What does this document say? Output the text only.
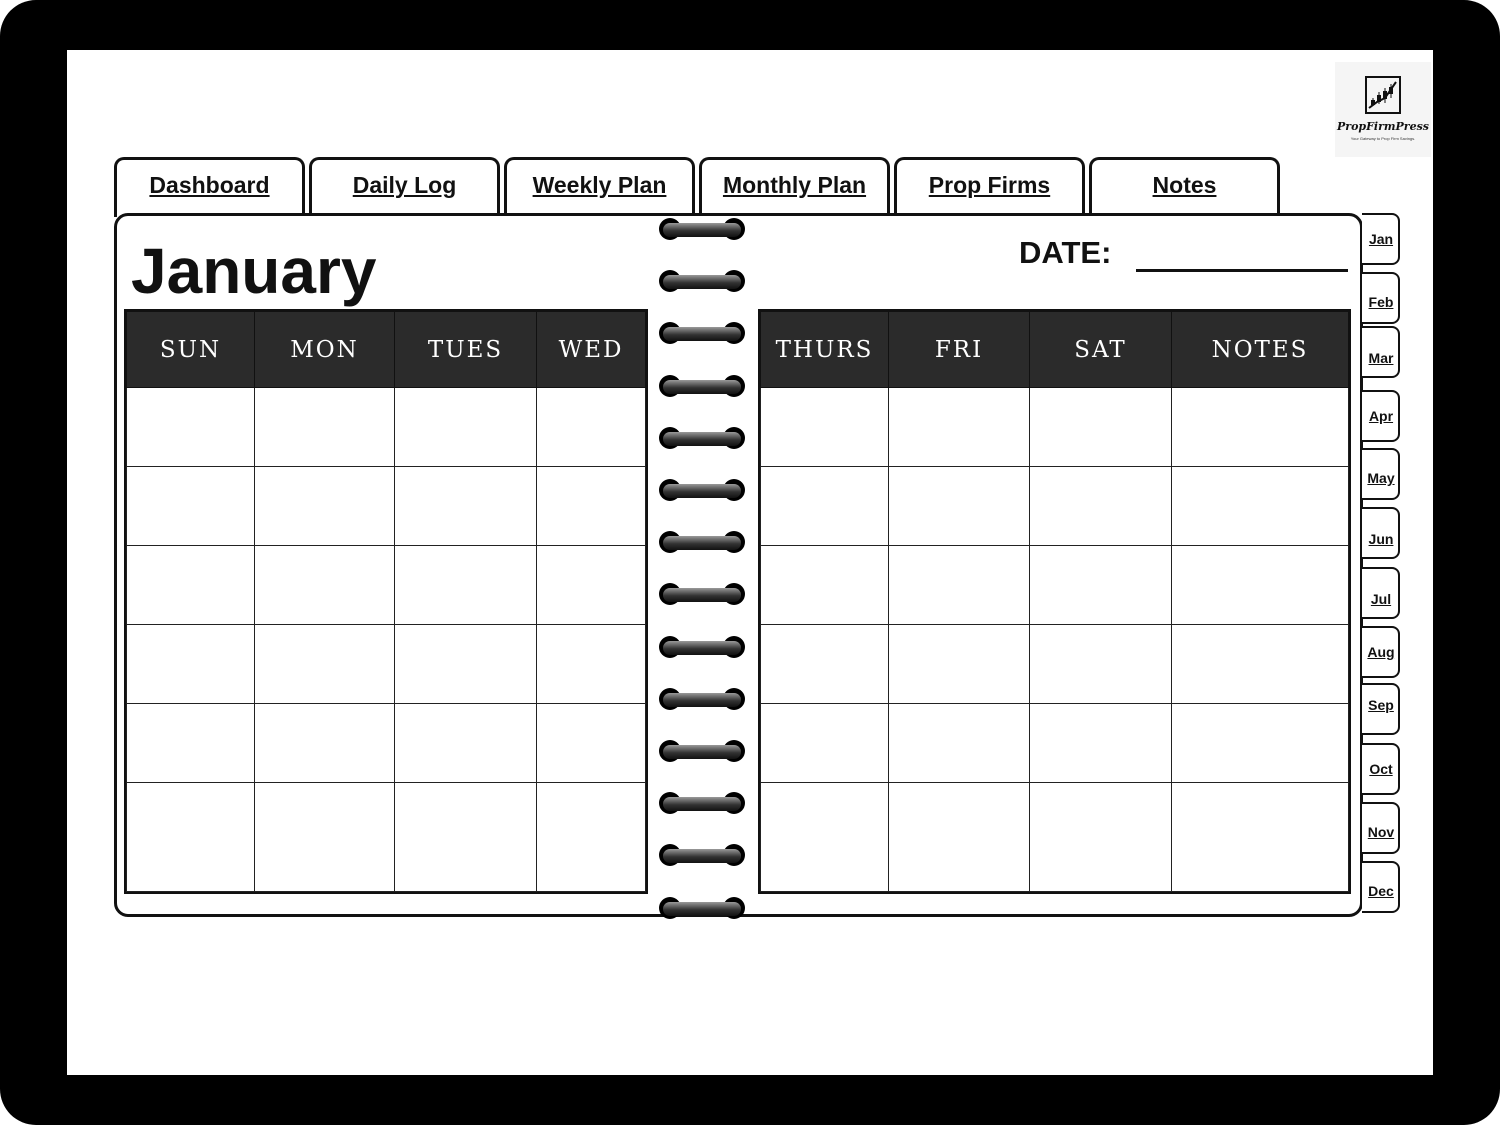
PropFirmPress
Your Gateway to Prop Firm Savings.
Dashboard	Daily Log	Weekly Plan	Monthly Plan	Prop Firms	Notes
January	DATE:
SUN	MON	TUES	WED

				THURS	FRI	SAT	NOTES

Jan
Feb
Mar
Apr
May
Jun
Jul
Aug
Sep
Oct
Nov
Dec
